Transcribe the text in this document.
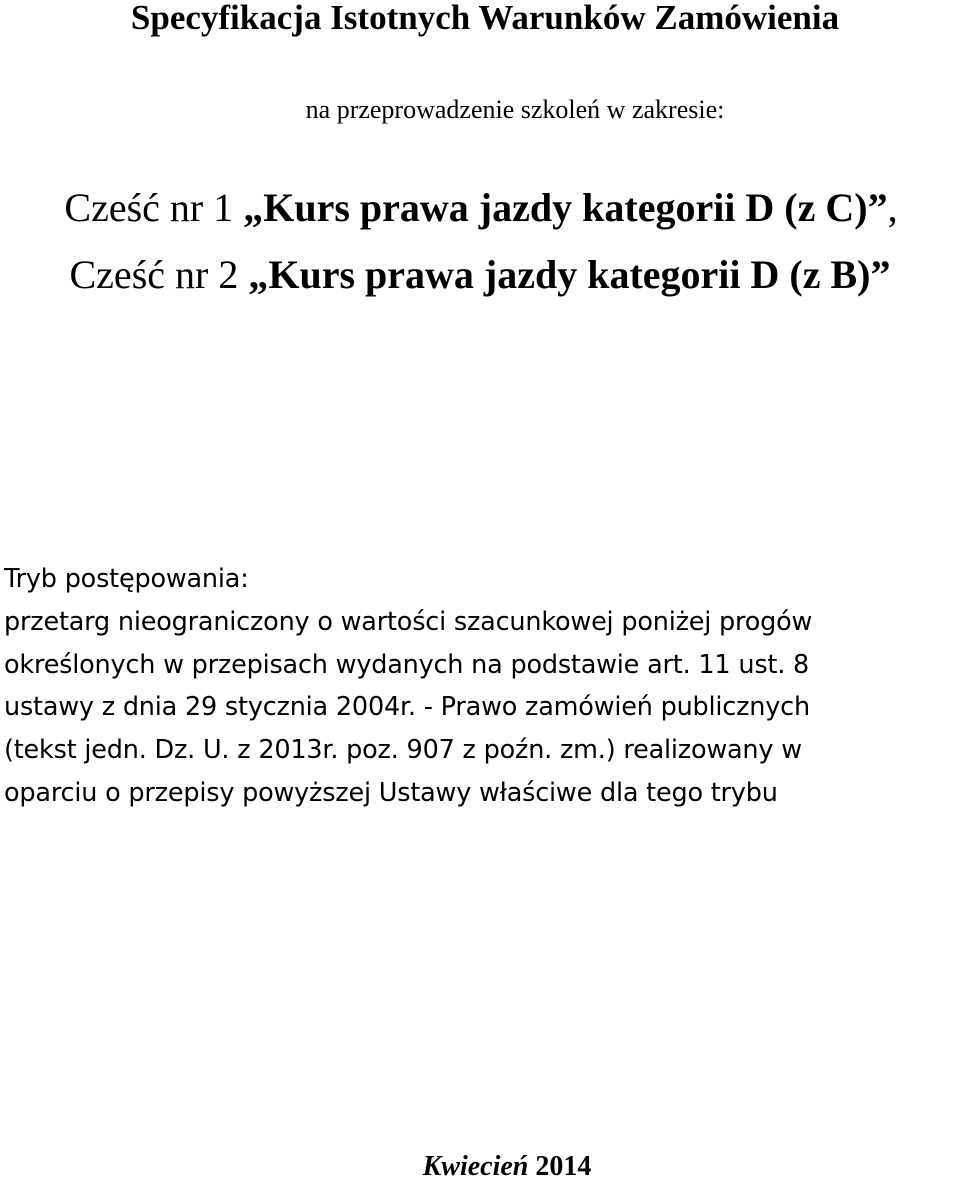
Specyfikacja Istotnych Warunków Zamówienia
na przeprowadzenie szkoleń w zakresie:
Cześć nr 1 „Kurs prawa jazdy kategorii D (z C)”,
Cześć nr 2 „Kurs prawa jazdy kategorii D (z B)”
Tryb postępowania:
przetarg nieograniczony o wartości szacunkowej poniżej progów
określonych w przepisach wydanych na podstawie art. 11 ust. 8
ustawy z dnia 29 stycznia 2004r. - Prawo zamówień publicznych
(tekst jedn. Dz. U. z 2013r. poz. 907 z poźn. zm.) realizowany w
oparciu o przepisy powyższej Ustawy właściwe dla tego trybu
Kwiecień 2014
